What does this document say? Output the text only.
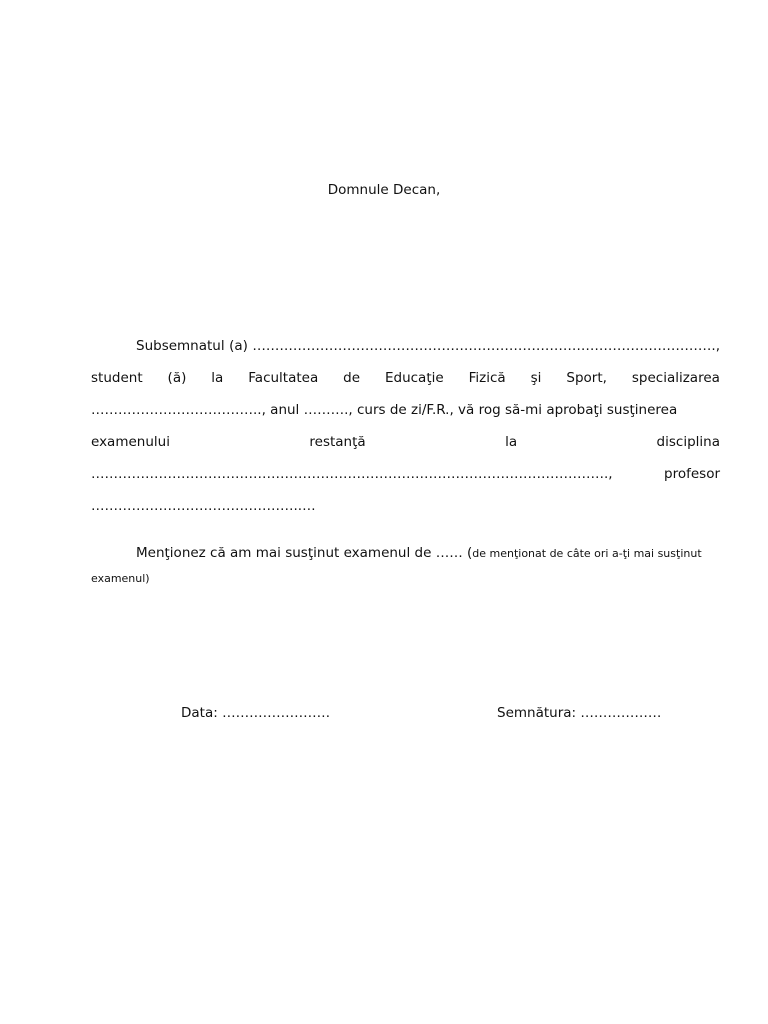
Domnule Decan,
Subsemnatul (a) ………………………………………………………………………………………….,
student (ă) la Facultatea de Educaţie Fizică şi Sport, specializarea
……………………………….., anul ………., curs de zi/F.R., vă rog să-mi aprobaţi susţinerea
examenului	restanţă	la	disciplina
…………………………………………………………………………………………………….,	profesor
………………………………………..…
Menţionez că am mai susţinut examenul de …… (de menţionat de câte ori a-ţi mai susţinut
examenul)
Data: ……………………	Semnătura: ………………
